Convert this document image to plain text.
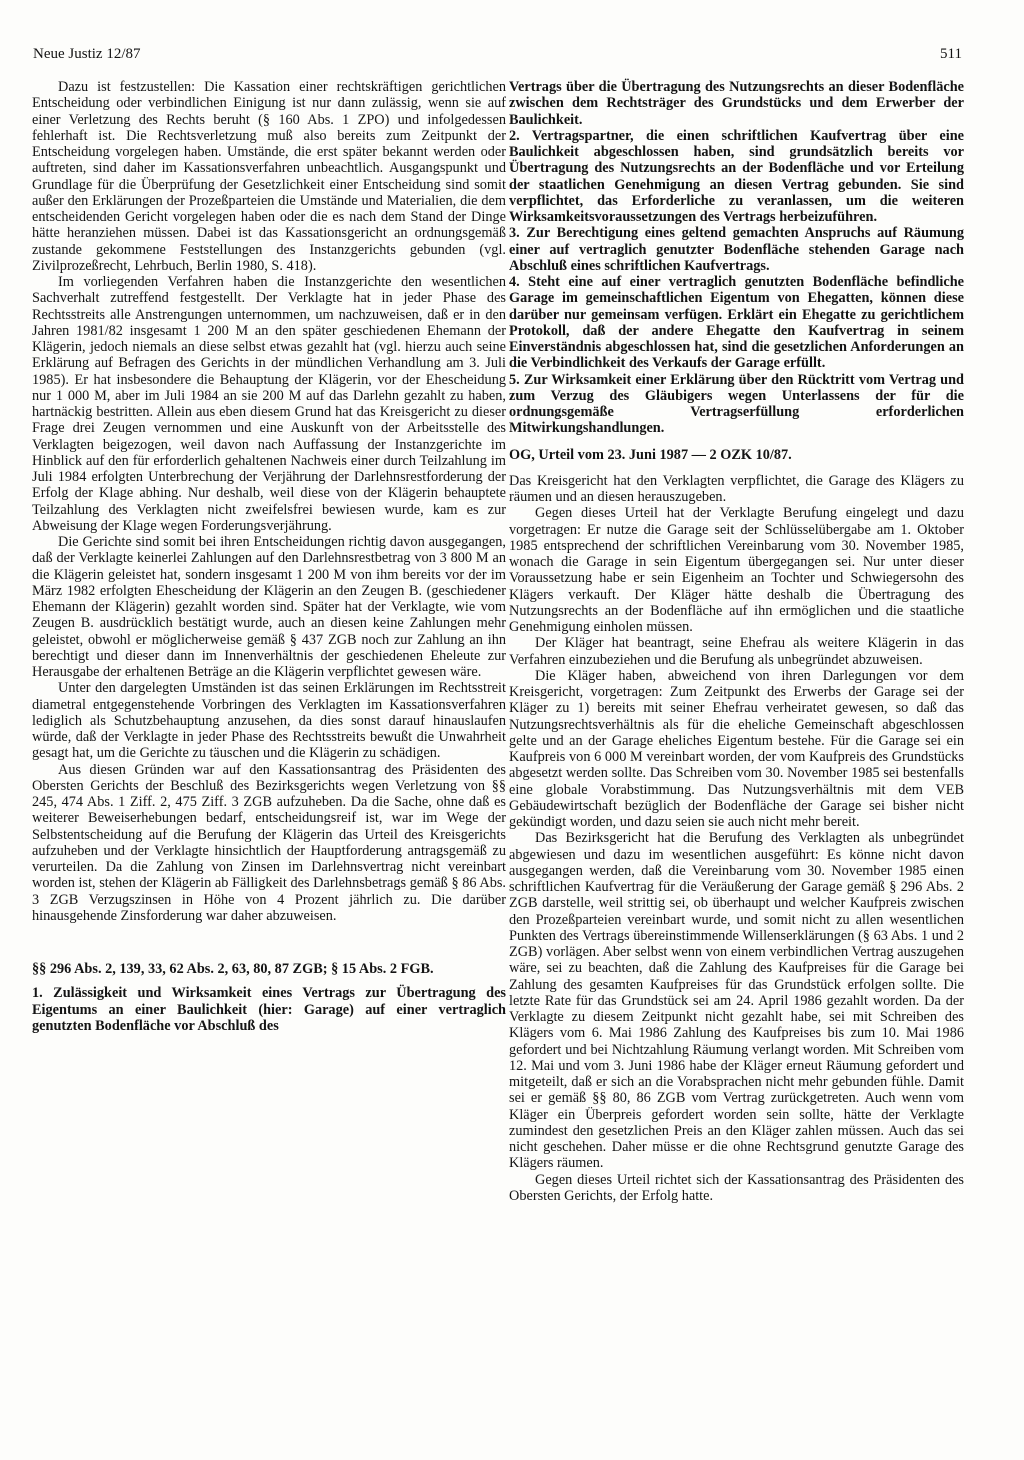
Neue Justiz 12/87	511

Dazu ist festzustellen: Die Kassation einer rechtskräftigen gerichtlichen Entscheidung oder verbindlichen Einigung ist nur dann zulässig, wenn sie auf einer Verletzung des Rechts beruht (§ 160 Abs. 1 ZPO) und infolgedessen fehlerhaft ist. Die Rechtsverletzung muß also bereits zum Zeitpunkt der Entscheidung vorgelegen haben. Umstände, die erst später bekannt werden oder auftreten, sind daher im Kassationsverfahren unbeachtlich. Ausgangspunkt und Grundlage für die Überprüfung der Gesetzlichkeit einer Entscheidung sind somit außer den Erklärungen der Prozeßparteien die Umstände und Materialien, die dem entscheidenden Gericht vorgelegen haben oder die es nach dem Stand der Dinge hätte heranziehen müssen. Dabei ist das Kassationsgericht an ordnungsgemäß zustande gekommene Feststellungen des Instanzgerichts gebunden (vgl. Zivilprozeßrecht, Lehrbuch, Berlin 1980, S. 418).

Im vorliegenden Verfahren haben die Instanzgerichte den wesentlichen Sachverhalt zutreffend festgestellt. Der Verklagte hat in jeder Phase des Rechtsstreits alle Anstrengungen unternommen, um nachzuweisen, daß er in den Jahren 1981/82 insgesamt 1 200 M an den später geschiedenen Ehemann der Klägerin, jedoch niemals an diese selbst etwas gezahlt hat (vgl. hierzu auch seine Erklärung auf Befragen des Gerichts in der mündlichen Verhandlung am 3. Juli 1985). Er hat insbesondere die Behauptung der Klägerin, vor der Ehescheidung nur 1 000 M, aber im Juli 1984 an sie 200 M auf das Darlehn gezahlt zu haben, hartnäckig bestritten. Allein aus eben diesem Grund hat das Kreisgericht zu dieser Frage drei Zeugen vernommen und eine Auskunft von der Arbeitsstelle des Verklagten beigezogen, weil davon nach Auffassung der Instanzgerichte im Hinblick auf den für erforderlich gehaltenen Nachweis einer durch Teilzahlung im Juli 1984 erfolgten Unterbrechung der Verjährung der Darlehnsrestforderung der Erfolg der Klage abhing. Nur deshalb, weil diese von der Klägerin behauptete Teilzahlung des Verklagten nicht zweifelsfrei bewiesen wurde, kam es zur Abweisung der Klage wegen Forderungsverjährung.

Die Gerichte sind somit bei ihren Entscheidungen richtig davon ausgegangen, daß der Verklagte keinerlei Zahlungen auf den Darlehnsrestbetrag von 3 800 M an die Klägerin geleistet hat, sondern insgesamt 1 200 M von ihm bereits vor der im März 1982 erfolgten Ehescheidung der Klägerin an den Zeugen B. (geschiedener Ehemann der Klägerin) gezahlt worden sind. Später hat der Verklagte, wie vom Zeugen B. ausdrücklich bestätigt wurde, auch an diesen keine Zahlungen mehr geleistet, obwohl er möglicherweise gemäß § 437 ZGB noch zur Zahlung an ihn berechtigt und dieser dann im Innenverhältnis der geschiedenen Eheleute zur Herausgabe der erhaltenen Beträge an die Klägerin verpflichtet gewesen wäre.

Unter den dargelegten Umständen ist das seinen Erklärungen im Rechtsstreit diametral entgegenstehende Vorbringen des Verklagten im Kassationsverfahren lediglich als Schutzbehauptung anzusehen, da dies sonst darauf hinauslaufen würde, daß der Verklagte in jeder Phase des Rechtsstreits bewußt die Unwahrheit gesagt hat, um die Gerichte zu täuschen und die Klägerin zu schädigen.

Aus diesen Gründen war auf den Kassationsantrag des Präsidenten des Obersten Gerichts der Beschluß des Bezirksgerichts wegen Verletzung von §§ 245, 474 Abs. 1 Ziff. 2, 475 Ziff. 3 ZGB aufzuheben. Da die Sache, ohne daß es weiterer Beweiserhebungen bedarf, entscheidungsreif ist, war im Wege der Selbstentscheidung auf die Berufung der Klägerin das Urteil des Kreisgerichts aufzuheben und der Verklagte hinsichtlich der Hauptforderung antragsgemäß zu verurteilen. Da die Zahlung von Zinsen im Darlehnsvertrag nicht vereinbart worden ist, stehen der Klägerin ab Fälligkeit des Darlehnsbetrags gemäß § 86 Abs. 3 ZGB Verzugszinsen in Höhe von 4 Prozent jährlich zu. Die darüber hinausgehende Zinsforderung war daher abzuweisen.

§§ 296 Abs. 2, 139, 33, 62 Abs. 2, 63, 80, 87 ZGB; § 15 Abs. 2 FGB.

1. Zulässigkeit und Wirksamkeit eines Vertrags zur Übertragung des Eigentums an einer Baulichkeit (hier: Garage) auf einer vertraglich genutzten Bodenfläche vor Abschluß des

Vertrags über die Übertragung des Nutzungsrechts an dieser Bodenfläche zwischen dem Rechtsträger des Grundstücks und dem Erwerber der Baulichkeit.

2. Vertragspartner, die einen schriftlichen Kaufvertrag über eine Baulichkeit abgeschlossen haben, sind grundsätzlich bereits vor Übertragung des Nutzungsrechts an der Bodenfläche und vor Erteilung der staatlichen Genehmigung an diesen Vertrag gebunden. Sie sind verpflichtet, das Erforderliche zu veranlassen, um die weiteren Wirksamkeitsvoraussetzungen des Vertrags herbeizuführen.

3. Zur Berechtigung eines geltend gemachten Anspruchs auf Räumung einer auf vertraglich genutzter Bodenfläche stehenden Garage nach Abschluß eines schriftlichen Kaufvertrags.

4. Steht eine auf einer vertraglich genutzten Bodenfläche befindliche Garage im gemeinschaftlichen Eigentum von Ehegatten, können diese darüber nur gemeinsam verfügen. Erklärt ein Ehegatte zu gerichtlichem Protokoll, daß der andere Ehegatte den Kaufvertrag in seinem Einverständnis abgeschlossen hat, sind die gesetzlichen Anforderungen an die Verbindlichkeit des Verkaufs der Garage erfüllt.

5. Zur Wirksamkeit einer Erklärung über den Rücktritt vom Vertrag und zum Verzug des Gläubigers wegen Unterlassens der für die ordnungsgemäße Vertragserfüllung erforderlichen Mitwirkungshandlungen.

OG, Urteil vom 23. Juni 1987 — 2 OZK 10/87.

Das Kreisgericht hat den Verklagten verpflichtet, die Garage des Klägers zu räumen und an diesen herauszugeben.

Gegen dieses Urteil hat der Verklagte Berufung eingelegt und dazu vorgetragen: Er nutze die Garage seit der Schlüsselübergabe am 1. Oktober 1985 entsprechend der schriftlichen Vereinbarung vom 30. November 1985, wonach die Garage in sein Eigentum übergegangen sei. Nur unter dieser Voraussetzung habe er sein Eigenheim an Tochter und Schwiegersohn des Klägers verkauft. Der Kläger hätte deshalb die Übertragung des Nutzungsrechts an der Bodenfläche auf ihn ermöglichen und die staatliche Genehmigung einholen müssen.

Der Kläger hat beantragt, seine Ehefrau als weitere Klägerin in das Verfahren einzubeziehen und die Berufung als unbegründet abzuweisen.

Die Kläger haben, abweichend von ihren Darlegungen vor dem Kreisgericht, vorgetragen: Zum Zeitpunkt des Erwerbs der Garage sei der Kläger zu 1) bereits mit seiner Ehefrau verheiratet gewesen, so daß das Nutzungsrechtsverhältnis als für die eheliche Gemeinschaft abgeschlossen gelte und an der Garage eheliches Eigentum bestehe. Für die Garage sei ein Kaufpreis von 6 000 M vereinbart worden, der vom Kaufpreis des Grundstücks abgesetzt werden sollte. Das Schreiben vom 30. November 1985 sei bestenfalls eine globale Vorabstimmung. Das Nutzungsverhältnis mit dem VEB Gebäudewirtschaft bezüglich der Bodenfläche der Garage sei bisher nicht gekündigt worden, und dazu seien sie auch nicht mehr bereit.

Das Bezirksgericht hat die Berufung des Verklagten als unbegründet abgewiesen und dazu im wesentlichen ausgeführt: Es könne nicht davon ausgegangen werden, daß die Vereinbarung vom 30. November 1985 einen schriftlichen Kaufvertrag für die Veräußerung der Garage gemäß § 296 Abs. 2 ZGB darstelle, weil strittig sei, ob überhaupt und welcher Kaufpreis zwischen den Prozeßparteien vereinbart wurde, und somit nicht zu allen wesentlichen Punkten des Vertrags übereinstimmende Willenserklärungen (§ 63 Abs. 1 und 2 ZGB) vorlägen. Aber selbst wenn von einem verbindlichen Vertrag auszugehen wäre, sei zu beachten, daß die Zahlung des Kaufpreises für die Garage bei Zahlung des gesamten Kaufpreises für das Grundstück erfolgen sollte. Die letzte Rate für das Grundstück sei am 24. April 1986 gezahlt worden. Da der Verklagte zu diesem Zeitpunkt nicht gezahlt habe, sei mit Schreiben des Klägers vom 6. Mai 1986 Zahlung des Kaufpreises bis zum 10. Mai 1986 gefordert und bei Nichtzahlung Räumung verlangt worden. Mit Schreiben vom 12. Mai und vom 3. Juni 1986 habe der Kläger erneut Räumung gefordert und mitgeteilt, daß er sich an die Vorabsprachen nicht mehr gebunden fühle. Damit sei er gemäß §§ 80, 86 ZGB vom Vertrag zurückgetreten. Auch wenn vom Kläger ein Überpreis gefordert worden sein sollte, hätte der Verklagte zumindest den gesetzlichen Preis an den Kläger zahlen müssen. Auch das sei nicht geschehen. Daher müsse er die ohne Rechtsgrund genutzte Garage des Klägers räumen.

Gegen dieses Urteil richtet sich der Kassationsantrag des Präsidenten des Obersten Gerichts, der Erfolg hatte.
